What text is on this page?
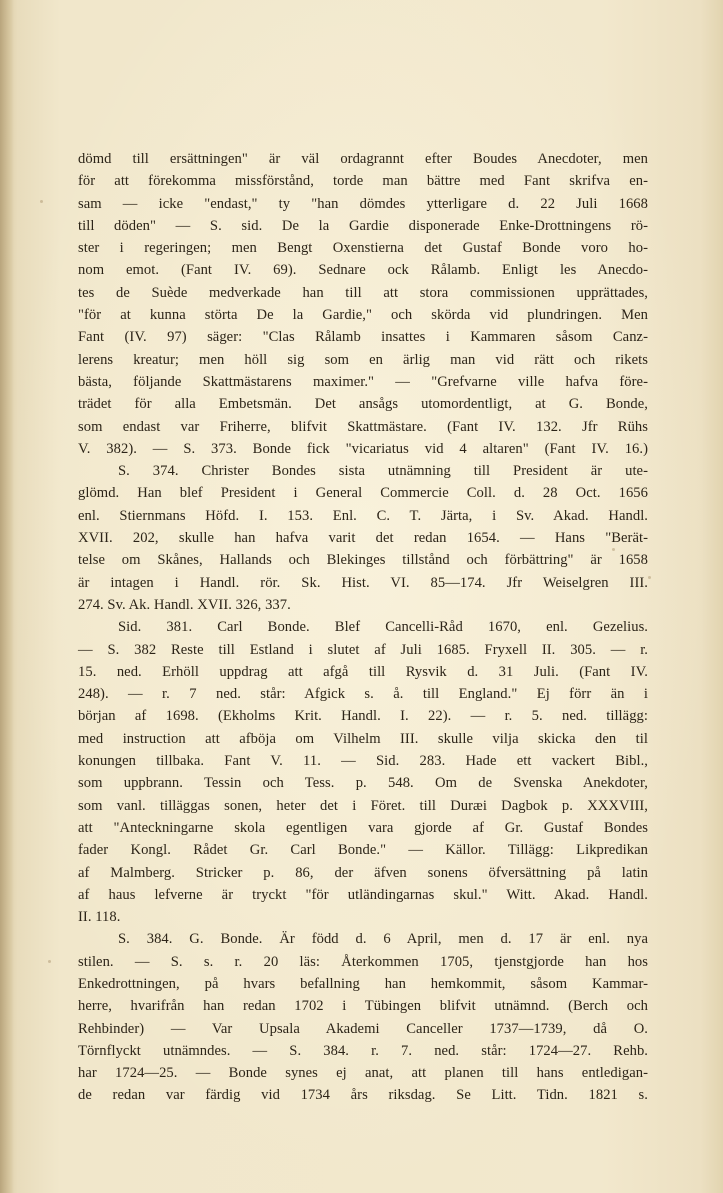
dömd till ersättningen" är väl ordagrannt efter Boudes Anecdoter, men
för att förekomma missförstånd, torde man bättre med Fant skrifva en-
sam — icke "endast," ty "han dömdes ytterligare d. 22 Juli 1668
till döden" — S. sid. De la Gardie disponerade Enke-Drottningens rö-
ster i regeringen; men Bengt Oxenstierna det Gustaf Bonde voro ho-
nom emot. (Fant IV. 69). Sednare ock Rålamb. Enligt les Anecdo-
tes de Suède medverkade han till att stora commissionen upprättades,
"för at kunna störta De la Gardie," och skörda vid plundringen. Men
Fant (IV. 97) säger: "Clas Rålamb insattes i Kammaren såsom Canz-
lerens kreatur; men höll sig som en ärlig man vid rätt och rikets
bästa, följande Skattmästarens maximer." — "Grefvarne ville hafva före-
trädet för alla Embetsmän. Det ansågs utomordentligt, at G. Bonde,
som endast var Friherre, blifvit Skattmästare. (Fant IV. 132. Jfr Rühs
V. 382). — S. 373. Bonde fick "vicariatus vid 4 altaren" (Fant IV. 16.)
S. 374. Christer Bondes sista utnämning till President är ute-
glömd. Han blef President i General Commercie Coll. d. 28 Oct. 1656
enl. Stiernmans Höfd. I. 153. Enl. C. T. Järta, i Sv. Akad. Handl.
XVII. 202, skulle han hafva varit det redan 1654. — Hans "Berät-
telse om Skånes, Hallands och Blekinges tillstånd och förbättring" är 1658
är intagen i Handl. rör. Sk. Hist. VI. 85—174. Jfr Weiselgren III.
274. Sv. Ak. Handl. XVII. 326, 337.
Sid. 381. Carl Bonde. Blef Cancelli-Råd 1670, enl. Gezelius.
— S. 382 Reste till Estland i slutet af Juli 1685. Fryxell II. 305. — r.
15. ned. Erhöll uppdrag att afgå till Rysvik d. 31 Juli. (Fant IV.
248). — r. 7 ned. står: Afgick s. å. till England." Ej förr än i
början af 1698. (Ekholms Krit. Handl. I. 22). — r. 5. ned. tillägg:
med instruction att afböja om Vilhelm III. skulle vilja skicka den til
konungen tillbaka. Fant V. 11. — Sid. 283. Hade ett vackert Bibl.,
som uppbrann. Tessin och Tess. p. 548. Om de Svenska Anekdoter,
som vanl. tilläggas sonen, heter det i Föret. till Duræi Dagbok p. XXXVIII,
att "Anteckningarne skola egentligen vara gjorde af Gr. Gustaf Bondes
fader Kongl. Rådet Gr. Carl Bonde." — Källor. Tillägg: Likpredikan
af Malmberg. Stricker p. 86, der äfven sonens öfversättning på latin
af haus lefverne är tryckt "för utländingarnas skul." Witt. Akad. Handl.
II. 118.
S. 384. G. Bonde. Är född d. 6 April, men d. 17 är enl. nya
stilen. — S. s. r. 20 läs: Återkommen 1705, tjenstgjorde han hos
Enkedrottningen, på hvars befallning han hemkommit, såsom Kammar-
herre, hvarifrån han redan 1702 i Tübingen blifvit utnämnd. (Berch och
Rehbinder) — Var Upsala Akademi Canceller 1737—1739, då O.
Törnflyckt utnämndes. — S. 384. r. 7. ned. står: 1724—27. Rehb.
har 1724—25. — Bonde synes ej anat, att planen till hans entledigan-
de redan var färdig vid 1734 års riksdag. Se Litt. Tidn. 1821 s.
